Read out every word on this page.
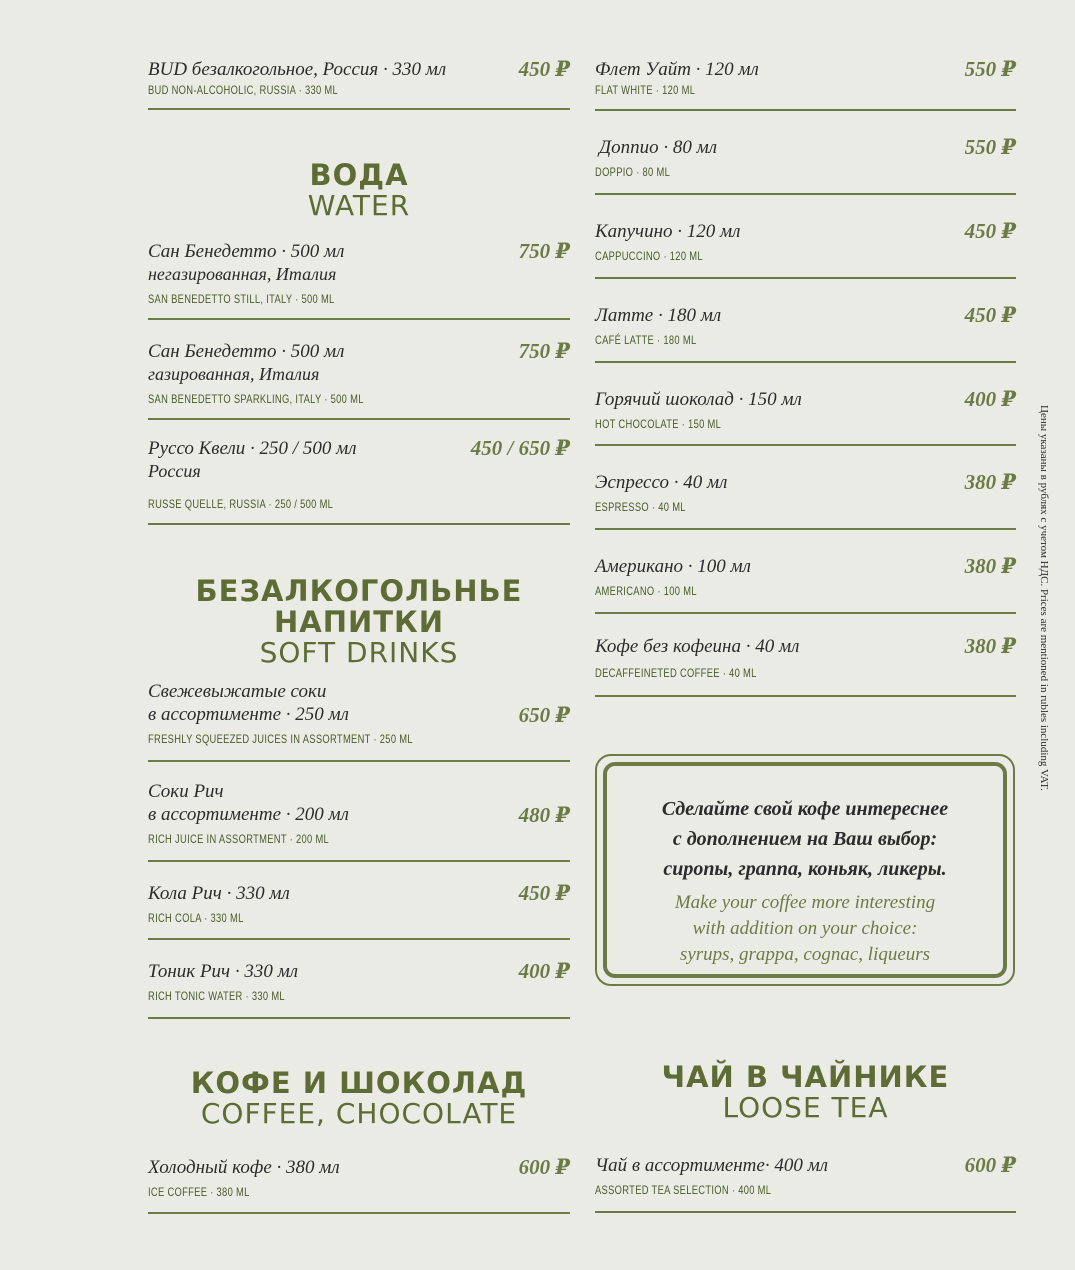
BUD безалкогольное, Россия · 330 мл
BUD NON-ALCOHOLIC, RUSSIA · 330 ML
450 ₽
ВОДА
WATER
Сан Бенедетто · 500 мл
негазированная, Италия
SAN BENEDETTO STILL, ITALY · 500 ML
750 ₽
Сан Бенедетто · 500 мл
газированная, Италия
SAN BENEDETTO SPARKLING, ITALY · 500 ML
750 ₽
Руссо Квели · 250 / 500 мл
Россия
RUSSE QUELLE, RUSSIA · 250 / 500 ML
450 / 650 ₽
БЕЗАЛКОГОЛЬНЬЕ
НАПИТКИ
SOFT DRINKS
Свежевыжатые соки
в ассортименте · 250 мл
FRESHLY SQUEEZED JUICES IN ASSORTMENT · 250 ML
650 ₽
Соки Рич
в ассортименте · 200 мл
RICH JUICE IN ASSORTMENT · 200 ML
480 ₽
Кола Рич · 330 мл
RICH COLA · 330 ML
450 ₽
Тоник Рич · 330 мл
RICH TONIC WATER · 330 ML
400 ₽
КОФЕ И ШОКОЛАД
COFFEE, CHOCOLATE
Холодный кофе · 380 мл
ICE COFFEE · 380 ML
600 ₽
Флет Уайт · 120 мл
FLAT WHITE · 120 ML
550 ₽
Доппио · 80 мл
DOPPIO · 80 ML
550 ₽
Капучино · 120 мл
CAPPUCCINO · 120 ML
450 ₽
Латте · 180 мл
CAFÉ LATTE · 180 ML
450 ₽
Горячий шоколад · 150 мл
HOT CHOCOLATE · 150 ML
400 ₽
Эспрессо · 40 мл
ESPRESSO · 40 ML
380 ₽
Американо · 100 мл
AMERICANO · 100 ML
380 ₽
Кофе без кофеина · 40 мл
DECAFFEINETED COFFEE · 40 ML
380 ₽
ЧАЙ В ЧАЙНИКЕ
LOOSE TEA
Чай в ассортименте· 400 мл
ASSORTED TEA SELECTION · 400 ML
600 ₽
Сделайте свой кофе интереснее
с дополнением на Ваш выбор:
сиропы, граппа, коньяк, ликеры.
Make your coffee more interesting
with addition on your choice:
syrups, grappa, cognac, liqueurs
Цены указаны в рублях с учетом НДС. Prices are mentioned in rubles including VAT.
